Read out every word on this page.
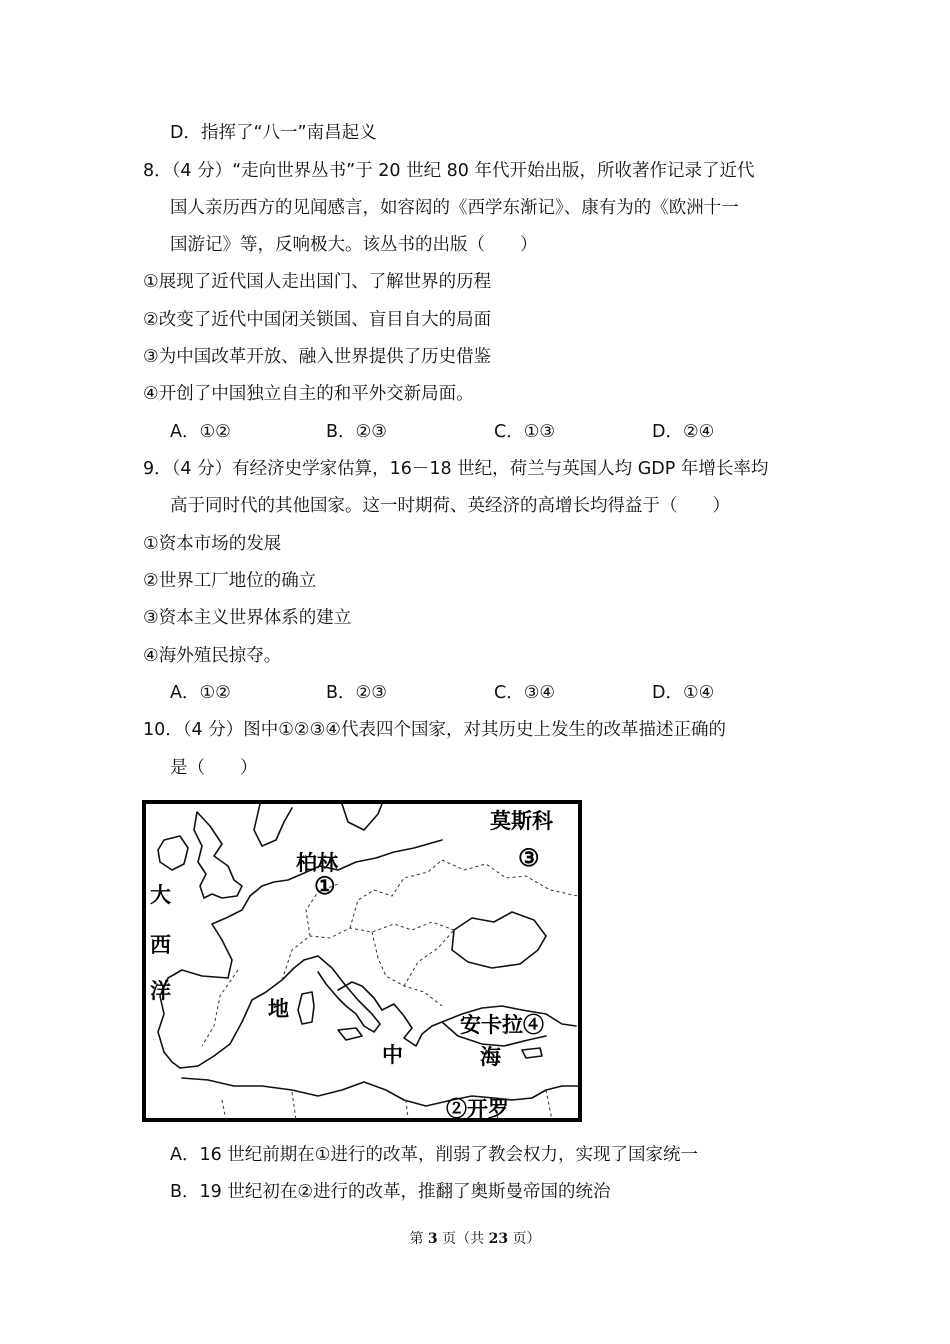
D．指挥了“八一”南昌起义
8．（4 分）“走向世界丛书”于 20 世纪 80 年代开始出版，所收著作记录了近代
国人亲历西方的见闻感言，如容闳的《西学东渐记》、康有为的《欧洲十一
国游记》等，反响极大。该丛书的出版（　　）
①展现了近代国人走出国门、了解世界的历程
②改变了近代中国闭关锁国、盲目自大的局面
③为中国改革开放、融入世界提供了历史借鉴
④开创了中国独立自主的和平外交新局面。
A．①②	B．②③	C．①③	D．②④
9．（4 分）有经济史学家估算，16－18 世纪，荷兰与英国人均 GDP 年增长率均
高于同时代的其他国家。这一时期荷、英经济的高增长均得益于（　　）
①资本市场的发展
②世界工厂地位的确立
③资本主义世界体系的建立
④海外殖民掠夺。
A．①②	B．②③	C．③④	D．①④
10．（4 分）图中①②③④代表四个国家，对其历史上发生的改革描述正确的
是（　　）
莫斯科
③
柏林
①
大
西
洋
地
中	海
安卡拉④
②开罗
A．16 世纪前期在①进行的改革，削弱了教会权力，实现了国家统一
B．19 世纪初在②进行的改革，推翻了奥斯曼帝国的统治
第 3 页（共 23 页）
